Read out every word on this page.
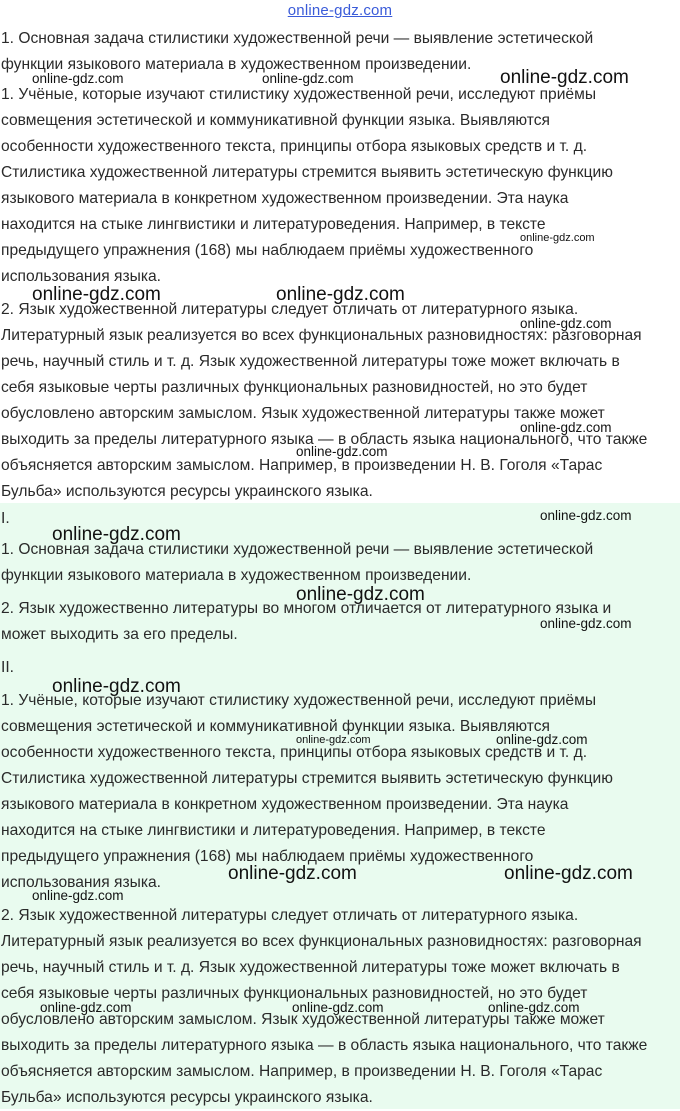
online-gdz.com
1. Основная задача стилистики художественной речи — выявление эстетической
функции языкового материала в художественном произведении.
1. Учёные, которые изучают стилистику художественной речи, исследуют приёмы
совмещения эстетической и коммуникативной функции языка. Выявляются
особенности художественного текста, принципы отбора языковых средств и т. д.
Стилистика художественной литературы стремится выявить эстетическую функцию
языкового материала в конкретном художественном произведении. Эта наука
находится на стыке лингвистики и литературоведения. Например, в тексте
предыдущего упражнения (168) мы наблюдаем приёмы художественного
использования языка.
2. Язык художественной литературы следует отличать от литературного языка.
Литературный язык реализуется во всех функциональных разновидностях: разговорная
речь, научный стиль и т. д. Язык художественной литературы тоже может включать в
себя языковые черты различных функциональных разновидностей, но это будет
обусловлено авторским замыслом. Язык художественной литературы также может
выходить за пределы литературного языка — в область языка национального, что также
объясняется авторским замыслом. Например, в произведении Н. В. Гоголя «Тарас
Бульба» используются ресурсы украинского языка.
I.
1. Основная задача стилистики художественной речи — выявление эстетической
функции языкового материала в художественном произведении.
2. Язык художественно литературы во многом отличается от литературного языка и
может выходить за его пределы.
II.
1. Учёные, которые изучают стилистику художественной речи, исследуют приёмы
совмещения эстетической и коммуникативной функции языка. Выявляются
особенности художественного текста, принципы отбора языковых средств и т. д.
Стилистика художественной литературы стремится выявить эстетическую функцию
языкового материала в конкретном художественном произведении. Эта наука
находится на стыке лингвистики и литературоведения. Например, в тексте
предыдущего упражнения (168) мы наблюдаем приёмы художественного
использования языка.
2. Язык художественной литературы следует отличать от литературного языка.
Литературный язык реализуется во всех функциональных разновидностях: разговорная
речь, научный стиль и т. д. Язык художественной литературы тоже может включать в
себя языковые черты различных функциональных разновидностей, но это будет
обусловлено авторским замыслом. Язык художественной литературы также может
выходить за пределы литературного языка — в область языка национального, что также
объясняется авторским замыслом. Например, в произведении Н. В. Гоголя «Тарас
Бульба» используются ресурсы украинского языка.
online-gdz.com	online-gdz.com	online-gdz.com
online-gdz.com
online-gdz.com	online-gdz.com
online-gdz.com
online-gdz.com
online-gdz.com
online-gdz.com
online-gdz.com
online-gdz.com
online-gdz.com
online-gdz.com
online-gdz.com	online-gdz.com
online-gdz.com	online-gdz.com
online-gdz.com
online-gdz.com	online-gdz.com	online-gdz.com
